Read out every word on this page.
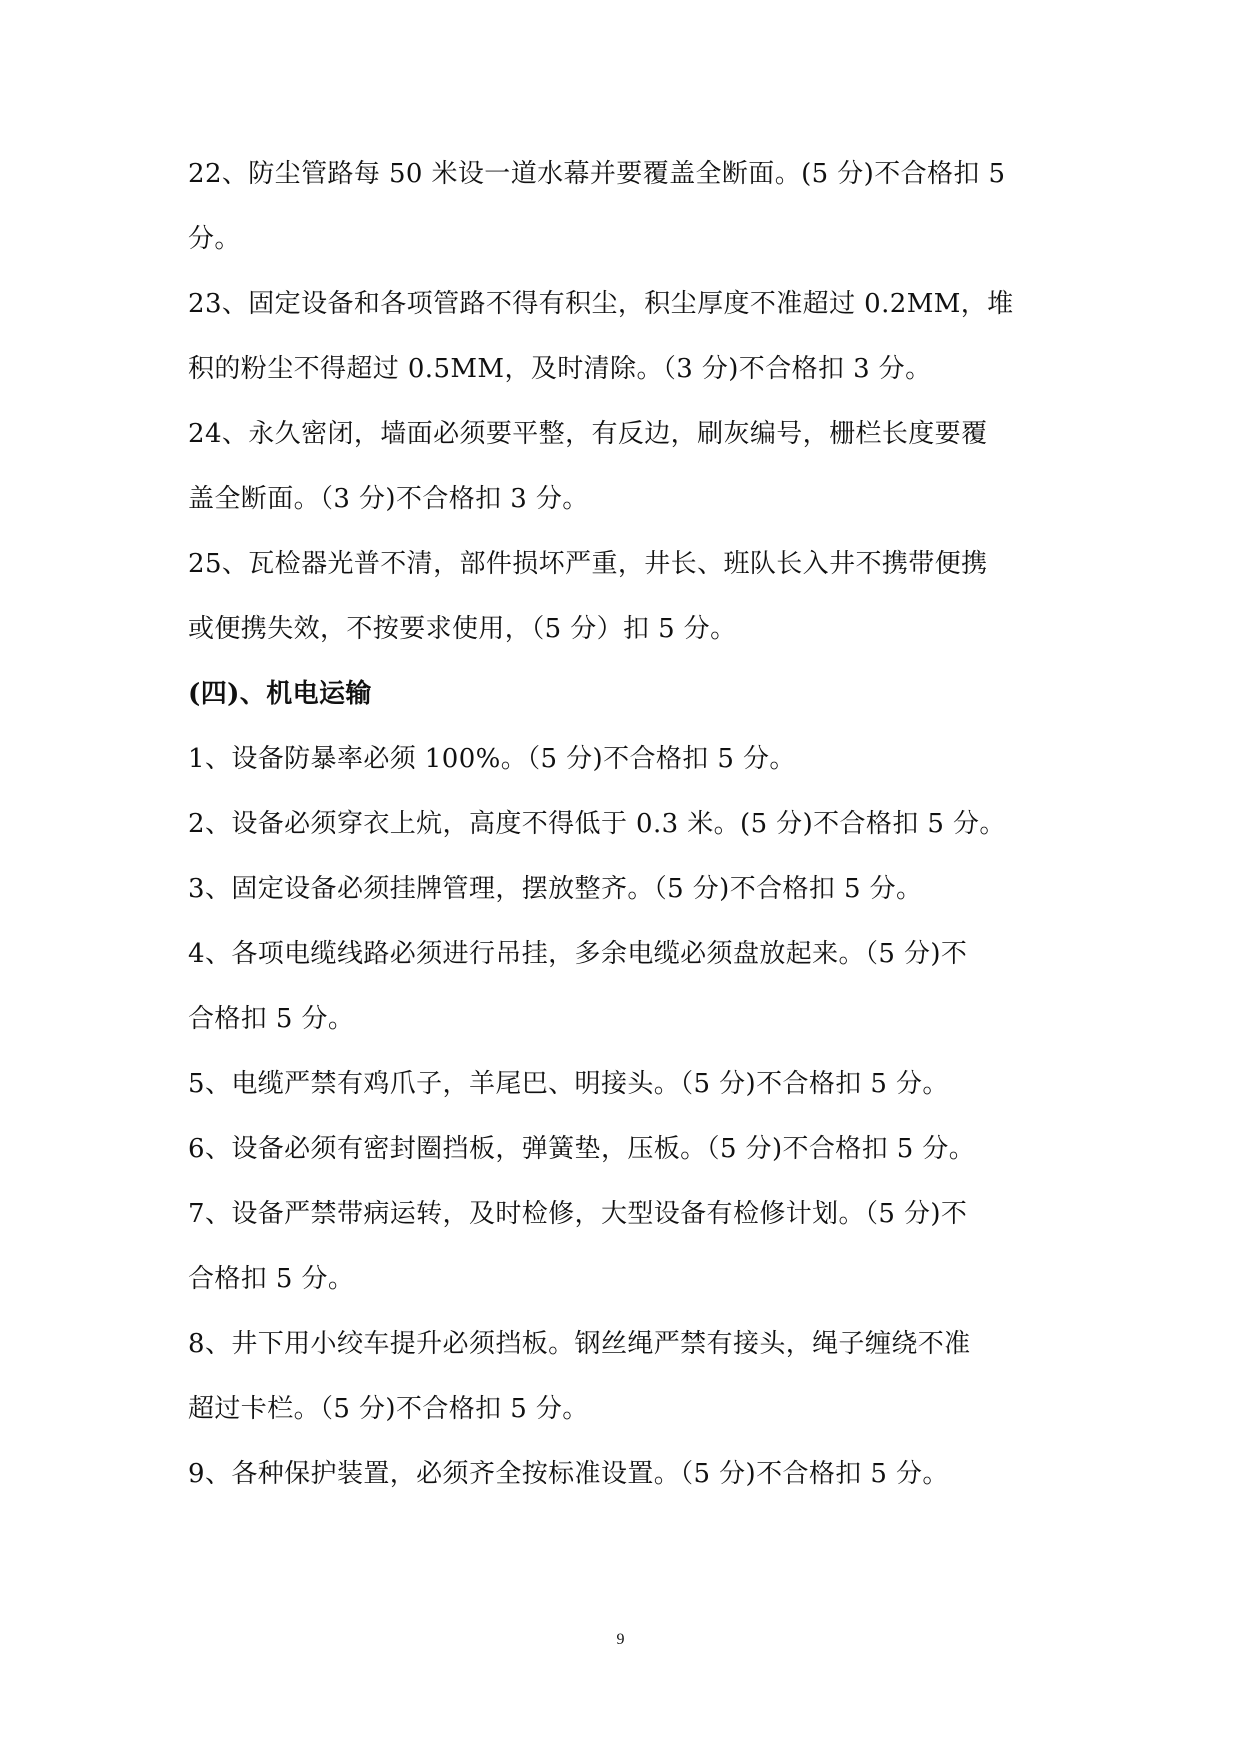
22、防尘管路每 50 米设一道水幕并要覆盖全断面。(5 分)不合格扣 5
分。
23、固定设备和各项管路不得有积尘，积尘厚度不准超过 0.2MM，堆
积的粉尘不得超过 0.5MM，及时清除。（3 分)不合格扣 3 分。
24、永久密闭，墙面必须要平整，有反边，刷灰编号，栅栏长度要覆
盖全断面。（3 分)不合格扣 3 分。
25、瓦检器光普不清，部件损坏严重，井长、班队长入井不携带便携
或便携失效，不按要求使用，（5 分）扣 5 分。
(四)、机电运输
1、设备防暴率必须 100%。（5 分)不合格扣 5 分。
2、设备必须穿衣上炕，高度不得低于 0.3 米。(5 分)不合格扣 5 分。
3、固定设备必须挂牌管理，摆放整齐。（5 分)不合格扣 5 分。
4、各项电缆线路必须进行吊挂，多余电缆必须盘放起来。（5 分)不
合格扣 5 分。
5、电缆严禁有鸡爪子，羊尾巴、明接头。（5 分)不合格扣 5 分。
6、设备必须有密封圈挡板，弹簧垫，压板。（5 分)不合格扣 5 分。
7、设备严禁带病运转，及时检修，大型设备有检修计划。（5 分)不
合格扣 5 分。
8、井下用小绞车提升必须挡板。钢丝绳严禁有接头，绳子缠绕不准
超过卡栏。（5 分)不合格扣 5 分。
9、各种保护装置，必须齐全按标准设置。（5 分)不合格扣 5 分。
9
